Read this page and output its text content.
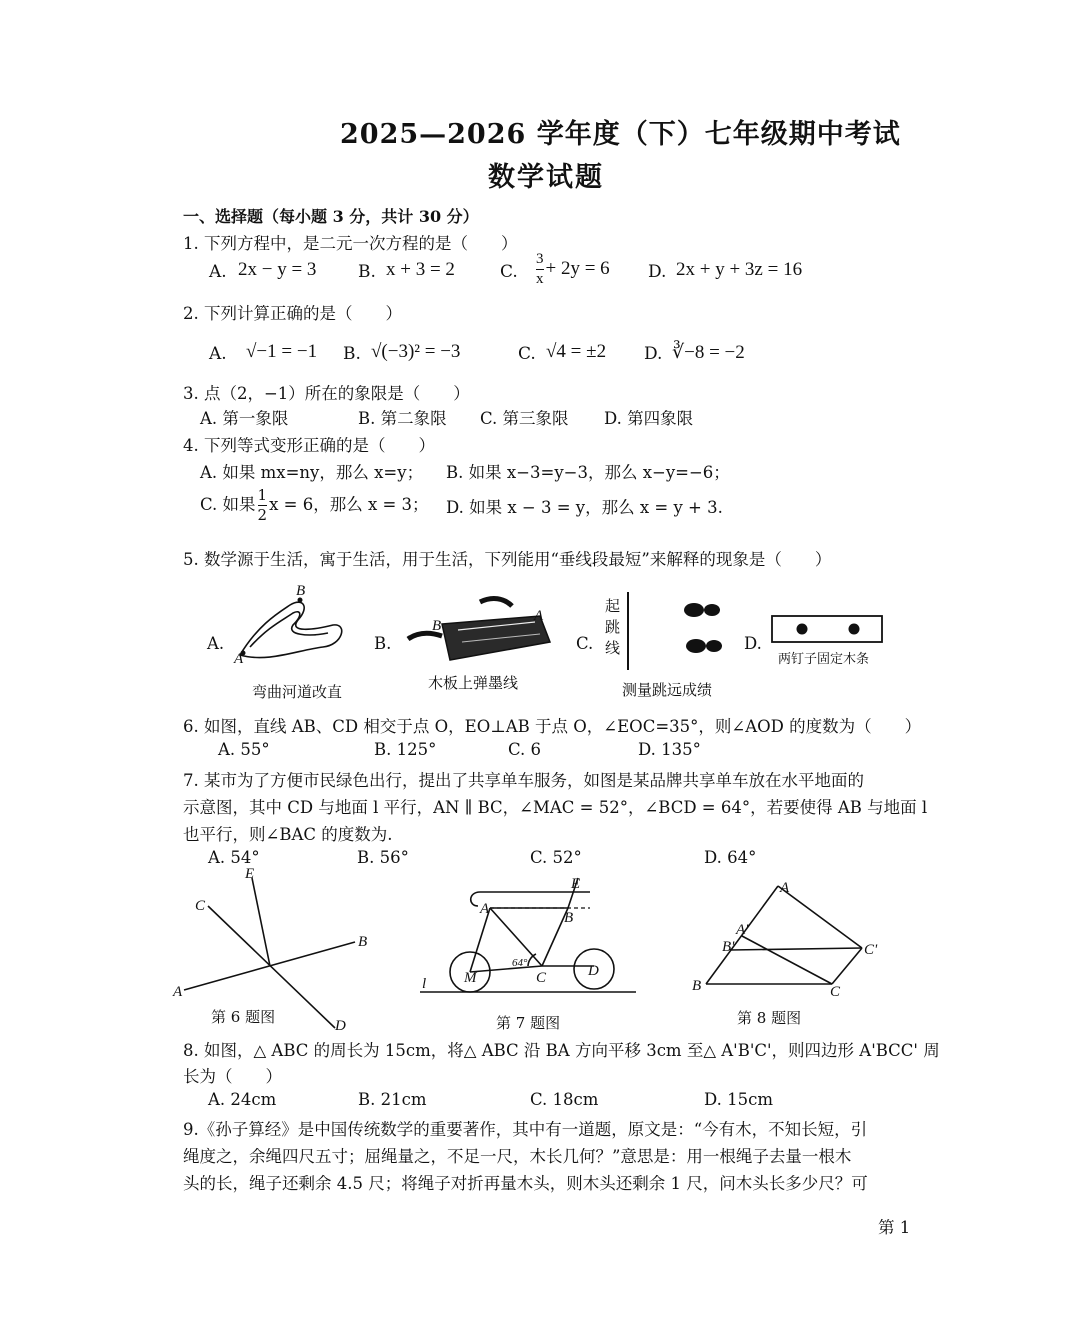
2025—2026 学年度（下）七年级期中考试
数学试题
一、选择题（每小题 3 分，共计 30 分）
1. 下列方程中，是二元一次方程的是（　　）
A. 2x − y = 3 B. x + 3 = 2	C. $\frac{3}{x} + 2y = 6$ D. 2x + y + 3z = 16
2. 下列计算正确的是（　　）
A. √−1 = −1 B. √(−3)² = −3	C. √4 = ±2 D. ∛−8 = −2
3. 点（2，−1）所在的象限是（　　）
A. 第一象限	B. 第二象限 C. 第三象限 D. 第四象限
4. 下列等式变形正确的是（　　）
A. 如果 mx=ny，那么 x=y； B. 如果 x−3=y−3，那么 x−y=−6；
C. 如果 $\frac{1}{2}$ x = 6，那么 x = 3； D. 如果 x − 3 = y，那么 x = y + 3.
5. 数学源于生活，寓于生活，用于生活，下列能用“垂线段最短”来解释的现象是（　　）
A.
B
A
弯曲河道改直
B.
B
A
木板上弹墨线
C.
起
跳
线
测量跳远成绩
D.
两钉子固定木条
6. 如图，直线 AB、CD 相交于点 O，EO⊥AB 于点 O，∠EOC=35°，则∠AOD 的度数为（　　）
A. 55°	B. 125°	C. 6	D. 135°
7. 某市为了方便市民绿色出行，提出了共享单车服务，如图是某品牌共享单车放在水平地面的
示意图，其中 CD 与地面 l 平行，AN ∥ BC，∠MAC = 52°，∠BCD = 64°，若要使得 AB 与地面 l
也平行，则∠BAC 的度数为.
A. 54°	B. 56°	C. 52°	D. 64°
E
C
B
A
D
第 6 题图
E
A
B
C
M	D
l
64°
第 7 题图
A
A'
B'	C'
B	C
第 8 题图
8. 如图，△ ABC 的周长为 15cm，将△ ABC 沿 BA 方向平移 3cm 至△ A'B'C'，则四边形 A'BCC' 周
长为（　　）
A. 24cm	B. 21cm	C. 18cm	D. 15cm
9.《孙子算经》是中国传统数学的重要著作，其中有一道题，原文是：“今有木，不知长短，引
绳度之，余绳四尺五寸；屈绳量之，不足一尺，木长几何？”意思是：用一根绳子去量一根木
头的长，绳子还剩余 4.5 尺；将绳子对折再量木头，则木头还剩余 1 尺，问木头长多少尺？可
第 1
